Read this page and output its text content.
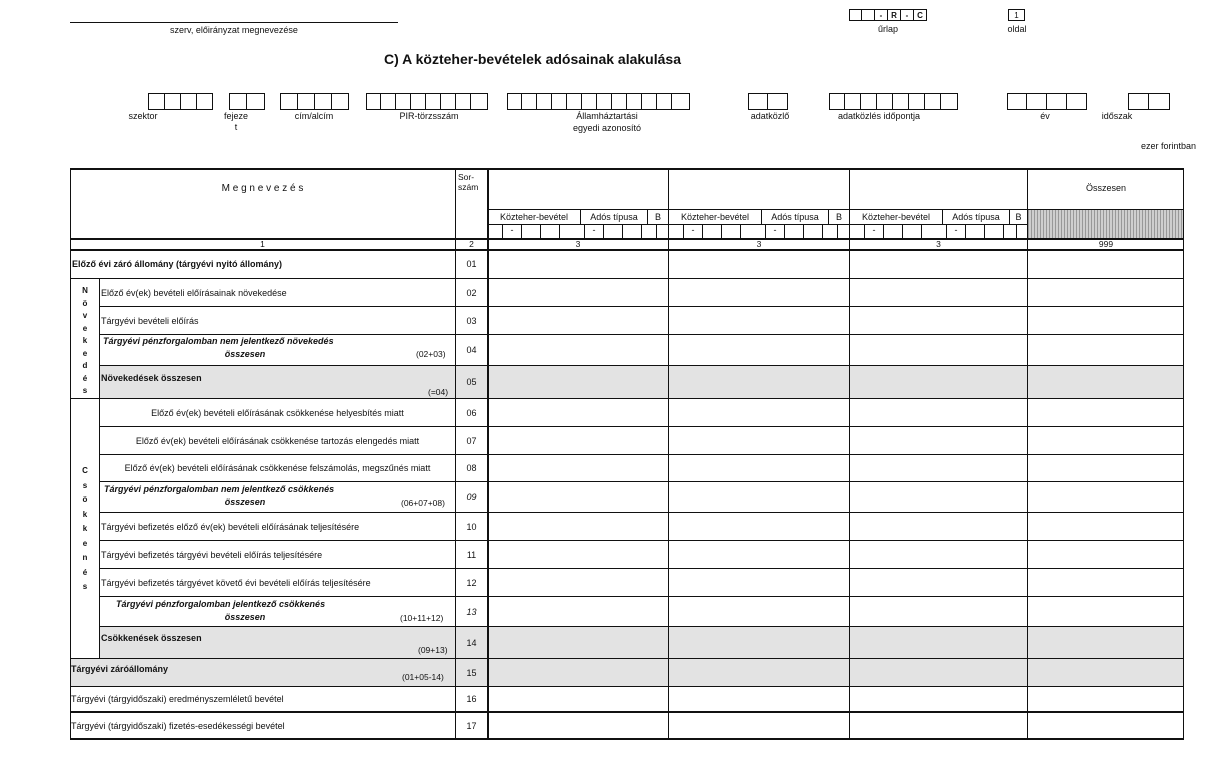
szerv, előirányzat megnevezése
-	R	-	C
űrlap
1
oldal
C) A közteher-bevételek adósainak alakulása
szektor	fejeze
t
cím/alcím	PIR-törzsszám	Államháztartási
egyedi azonosító
adatközlő	adatközlés időpontja	év	időszak
ezer forintban
M e g n e v e z é s
Sor-
szám	Összesen
Közteher-bevétel	Adós típusa	B	Közteher-bevétel	Adós típusa	B	Közteher-bevétel	Adós típusa	B
-	-	-	-	-	-
1	2	3	3	3	999
N
ö
v
e
k
e
d
é
s
C
s
ö
k
k
e
n
é
s
Előző évi záró állomány (tárgyévi nyitó állomány)	01
Előző év(ek) bevételi előírásainak növekedése	02
Tárgyévi bevételi előírás	03
Tárgyévi pénzforgalomban nem jelentkező növekedés
összesen	(02+03)	04
Növekedések összesen
(=04)
05
Előző év(ek) bevételi előírásának csökkenése helyesbítés miatt	06
Előző év(ek) bevételi előírásának csökkenése tartozás elengedés miatt	07
Előző év(ek) bevételi előírásának csökkenése felszámolás, megszűnés miatt	08
Tárgyévi pénzforgalomban nem jelentkező csökkenés
összesen	(06+07+08)
09
Tárgyévi befizetés előző év(ek) bevételi előírásának teljesítésére	10
Tárgyévi befizetés tárgyévi bevételi előírás teljesítésére	11
Tárgyévi befizetés tárgyévet követő évi bevételi előírás teljesítésére	12
Tárgyévi pénzforgalomban jelentkező csökkenés
összesen	(10+11+12)
13
Csökkenések összesen
(09+13)
14
Tárgyévi záróállomány
(01+05-14)	15
Tárgyévi (tárgyidőszaki) eredményszemléletű bevétel	16
Tárgyévi (tárgyidőszaki) fizetés-esedékességi bevétel	17
